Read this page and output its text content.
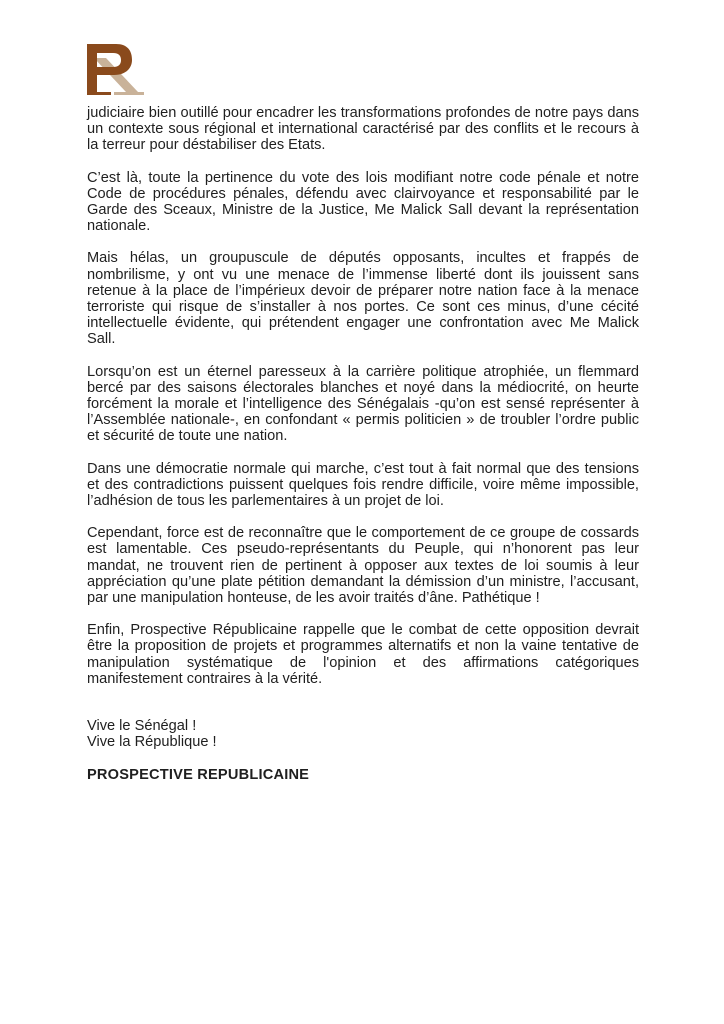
judiciaire bien outillé pour encadrer les transformations profondes de notre pays dans un contexte sous régional et international caractérisé par des conflits et le recours à la terreur pour déstabiliser des Etats.

C’est là, toute la pertinence du vote des lois modifiant notre code pénale et notre Code de procédures pénales, défendu avec clairvoyance et responsabilité par le Garde des Sceaux, Ministre de la Justice, Me Malick Sall devant la représentation nationale.

Mais hélas, un groupuscule de députés opposants, incultes et frappés de nombrilisme, y ont vu une menace de l’immense liberté dont ils jouissent sans retenue à la place de l’impérieux devoir de préparer notre nation face à la menace terroriste qui risque de s’installer à nos portes. Ce sont ces minus, d’une cécité intellectuelle évidente, qui prétendent engager une confrontation avec Me Malick Sall.

Lorsqu’on est un éternel paresseux à la carrière politique atrophiée, un flemmard bercé par des saisons électorales blanches et noyé dans la médiocrité, on heurte forcément la morale et l’intelligence des Sénégalais -qu’on est sensé représenter à l’Assemblée nationale-, en confondant « permis politicien » de troubler l’ordre public et sécurité de toute une nation.

Dans une démocratie normale qui marche, c’est tout à fait normal que des tensions et des contradictions puissent quelques fois rendre difficile, voire même impossible, l’adhésion de tous les parlementaires à un projet de loi.

Cependant, force est de reconnaître que le comportement de ce groupe de cossards est lamentable. Ces pseudo-représentants du Peuple, qui n’honorent pas leur mandat, ne trouvent rien de pertinent à opposer aux textes de loi soumis à leur appréciation qu’une plate pétition demandant la démission d’un ministre, l’accusant, par une manipulation honteuse, de les avoir traités d’âne. Pathétique !

Enfin, Prospective Républicaine rappelle que le combat de cette opposition devrait être la proposition de projets et programmes alternatifs et non la vaine tentative de manipulation systématique de l'opinion et des affirmations catégoriques manifestement contraires à la vérité.

Vive le Sénégal !

Vive la République !

PROSPECTIVE REPUBLICAINE
